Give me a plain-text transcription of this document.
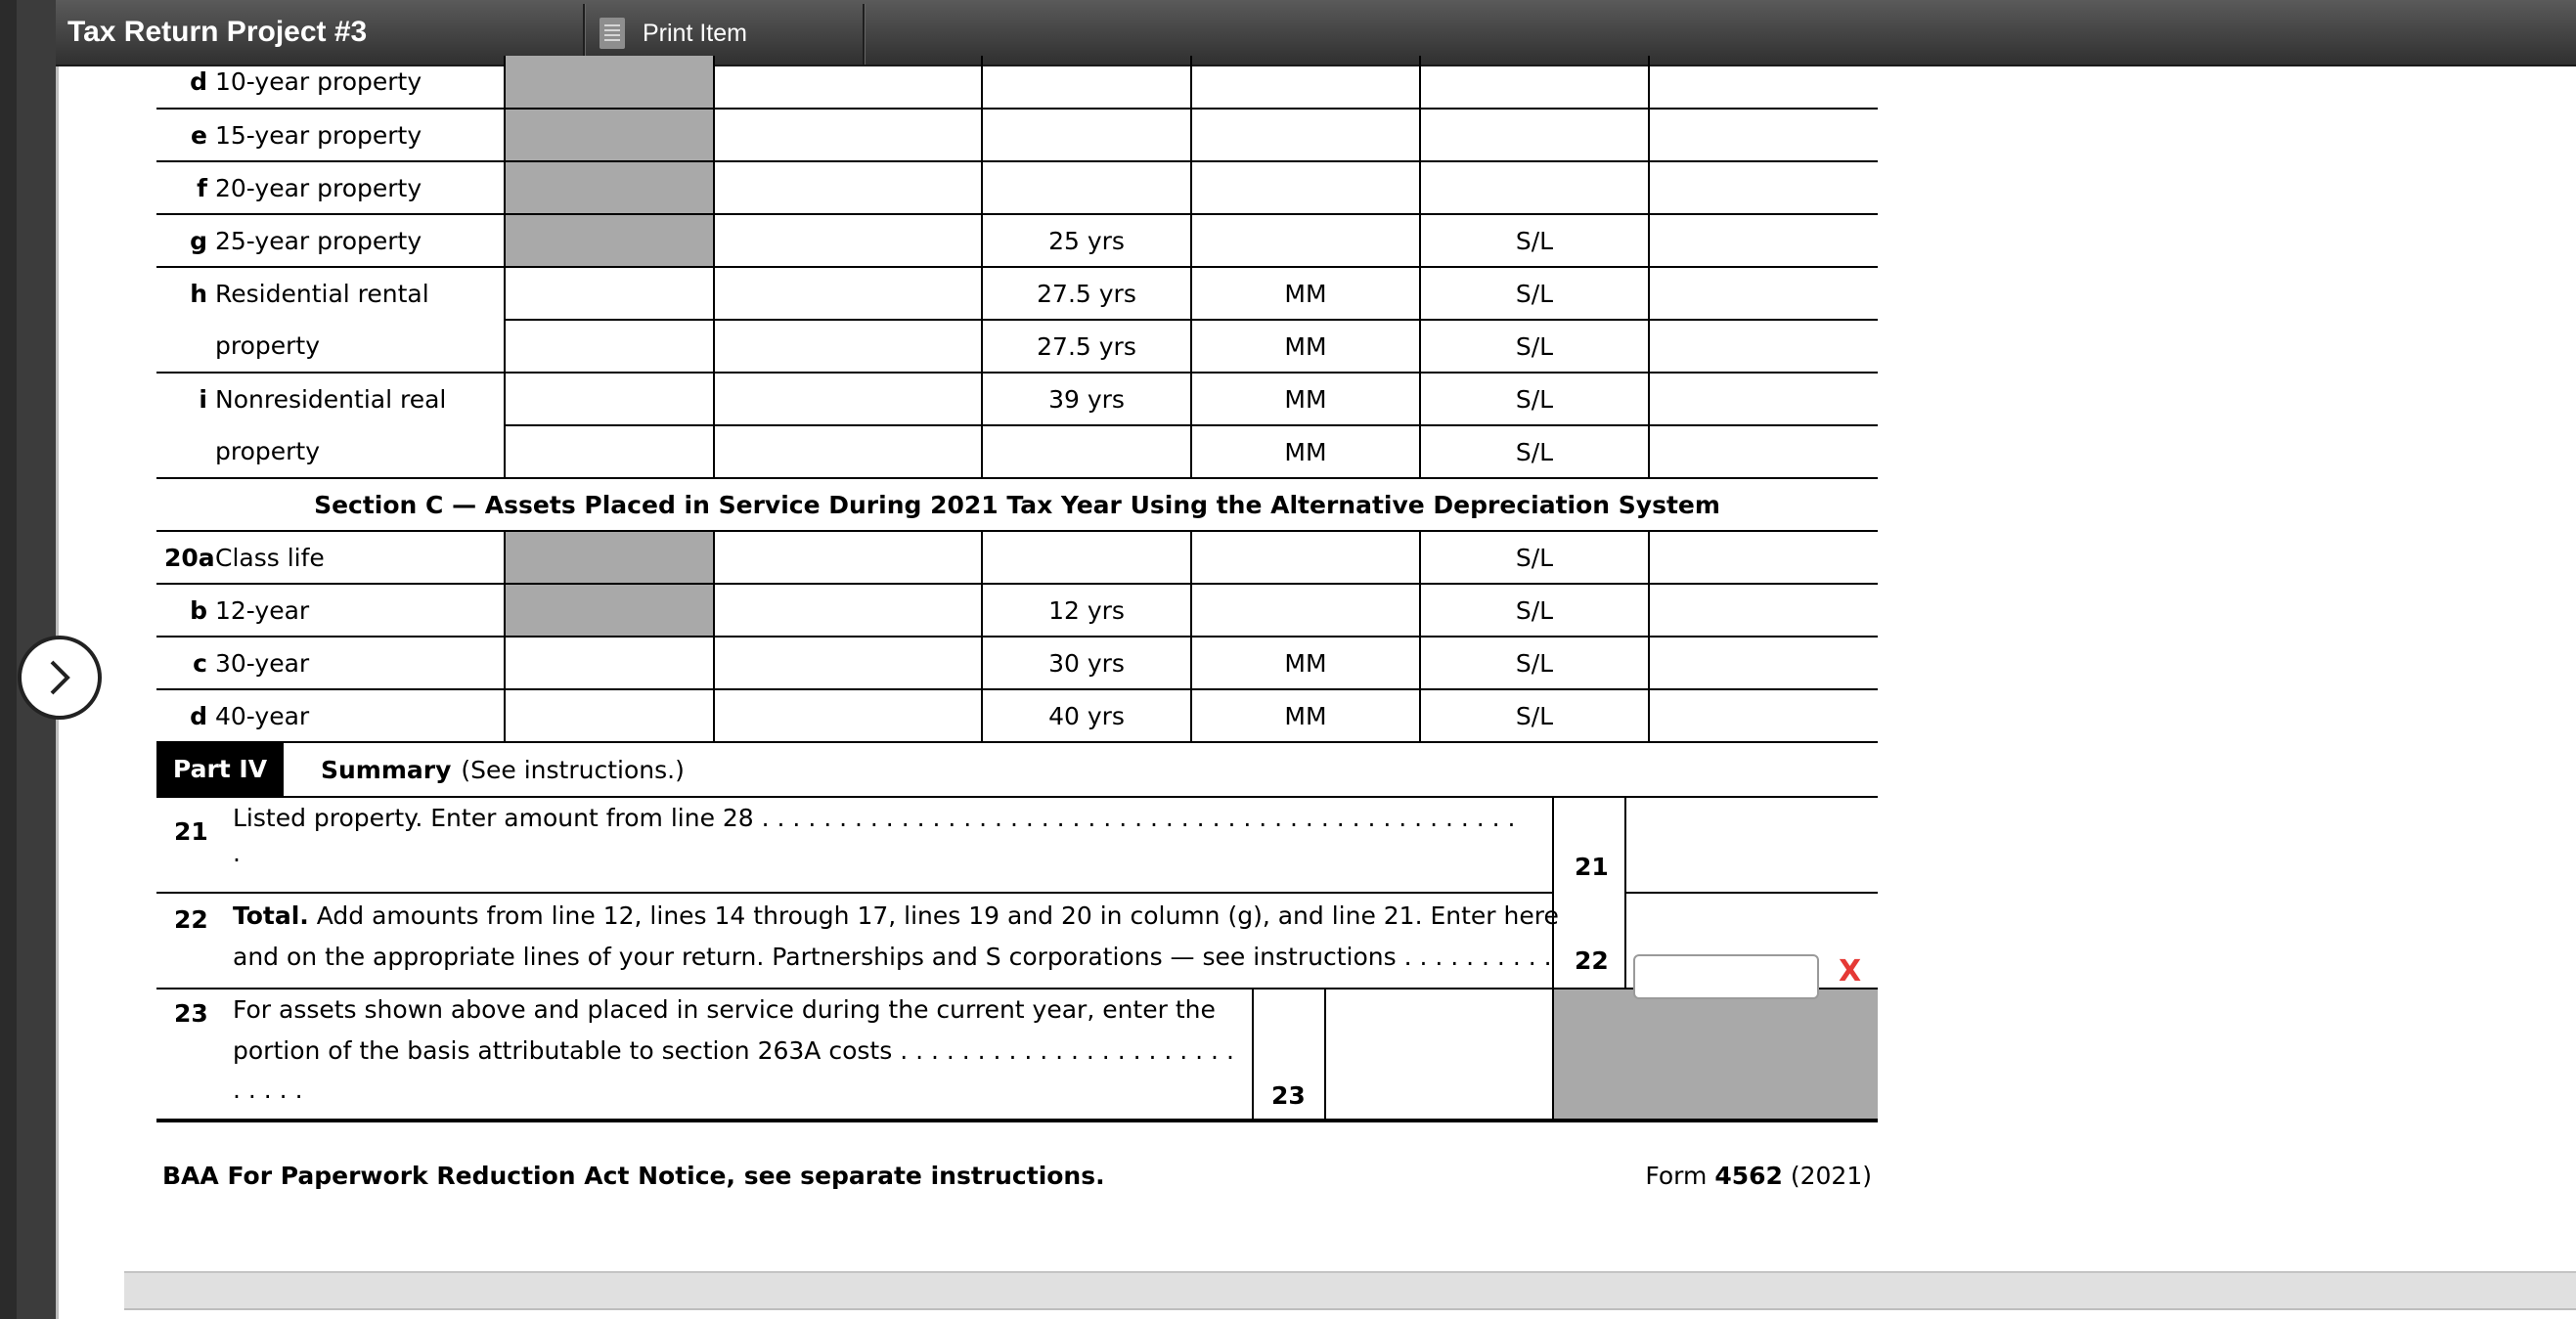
Tax Return Project #3	Print Item
d 10-year property						
e 15-year property						
f 20-year property						
g 25-year property			25 yrs		S/L	
h Residential rental			27.5 yrs	MM	S/L	
property			27.5 yrs	MM	S/L	
i Nonresidential real			39 yrs	MM	S/L	
property				MM	S/L	
Section C — Assets Placed in Service During 2021 Tax Year Using the Alternative Depreciation System						
20aClass life					S/L	
b 12-year			12 yrs		S/L	
c 30-year			30 yrs	MM	S/L	
d 40-year			40 yrs	MM	S/L	

Part IV Summary (See instructions.)						
21 Listed property. Enter amount from line 28 . . . . . . . . . . . . . . . . . . . . . . . . . . . . . . . . . . . . . . . . . . . . . . . . .
.	21
22 Total. Add amounts from line 12, lines 14 through 17, lines 19 and 20 in column (g), and line 21. Enter here
and on the appropriate lines of your return. Partnerships and S corporations — see instructions . . . . . . . . . . 22
23 For assets shown above and placed in service during the current year, enter the
portion of the basis attributable to section 263A costs . . . . . . . . . . . . . . . . . . . . . .
. . . . .	23
X
BAA For Paperwork Reduction Act Notice, see separate instructions.	Form 4562 (2021)
